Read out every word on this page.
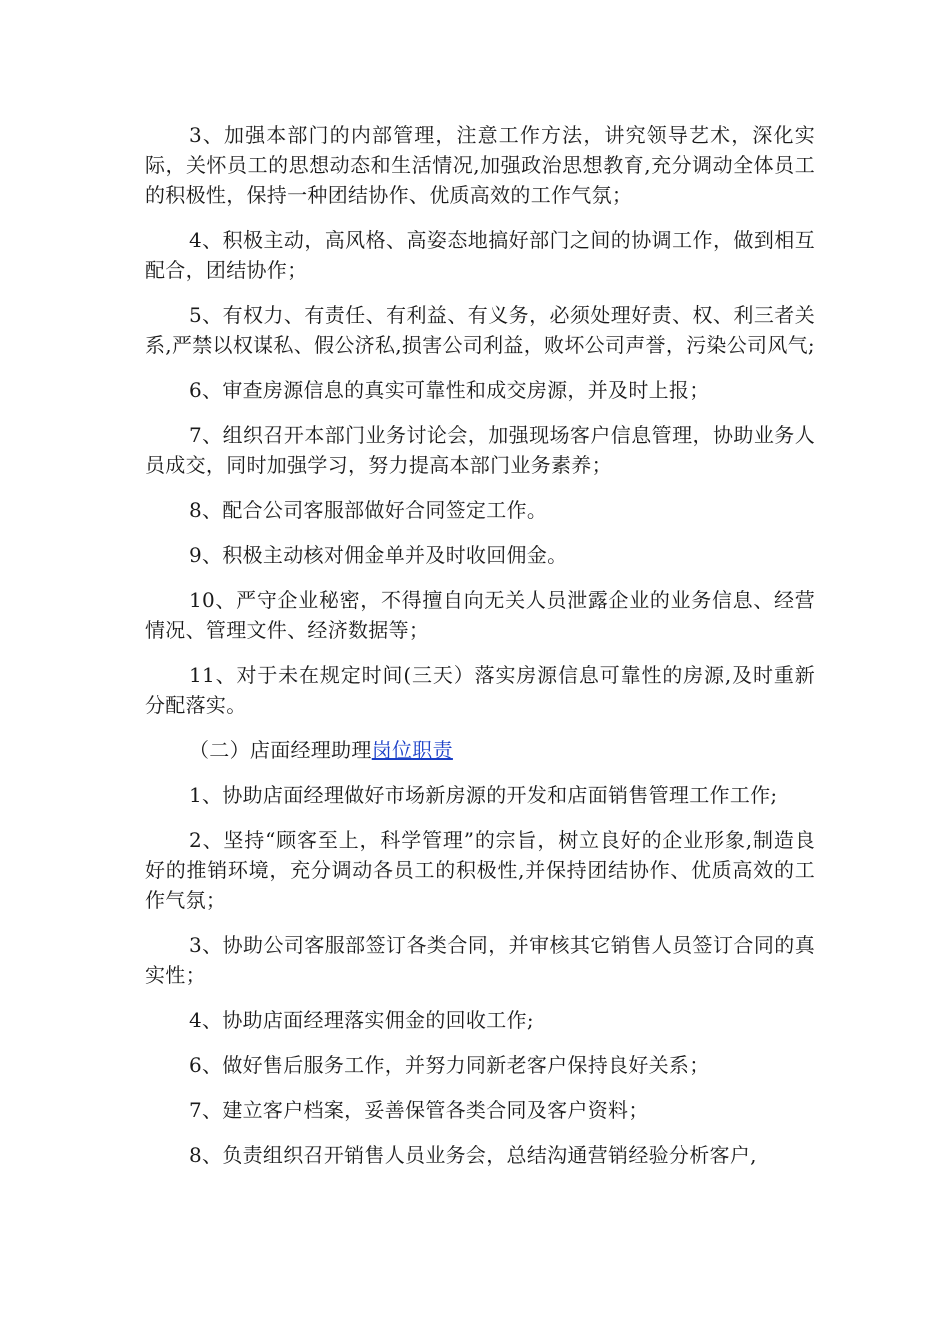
3、加强本部门的内部管理，注意工作方法，讲究领导艺术，深化实际，关怀员工的思想动态和生活情况,加强政治思想教育,充分调动全体员工的积极性，保持一种团结协作、优质高效的工作气氛；

4、积极主动，高风格、高姿态地搞好部门之间的协调工作，做到相互配合，团结协作；

5、有权力、有责任、有利益、有义务，必须处理好责、权、利三者关系,严禁以权谋私、假公济私,损害公司利益，败坏公司声誉，污染公司风气;

6、审查房源信息的真实可靠性和成交房源，并及时上报；

7、组织召开本部门业务讨论会，加强现场客户信息管理，协助业务人员成交，同时加强学习，努力提高本部门业务素养；

8、配合公司客服部做好合同签定工作。

9、积极主动核对佣金单并及时收回佣金。

10、严守企业秘密，不得擅自向无关人员泄露企业的业务信息、经营情况、管理文件、经济数据等；

11、对于未在规定时间(三天）落实房源信息可靠性的房源,及时重新分配落实。

（二）店面经理助理岗位职责

1、协助店面经理做好市场新房源的开发和店面销售管理工作工作;

2、坚持“顾客至上，科学管理”的宗旨，树立良好的企业形象,制造良好的推销环境，充分调动各员工的积极性,并保持团结协作、优质高效的工作气氛；

3、协助公司客服部签订各类合同，并审核其它销售人员签订合同的真实性；

4、协助店面经理落实佣金的回收工作;

6、做好售后服务工作，并努力同新老客户保持良好关系；

7、建立客户档案，妥善保管各类合同及客户资料；

8、负责组织召开销售人员业务会，总结沟通营销经验分析客户,
